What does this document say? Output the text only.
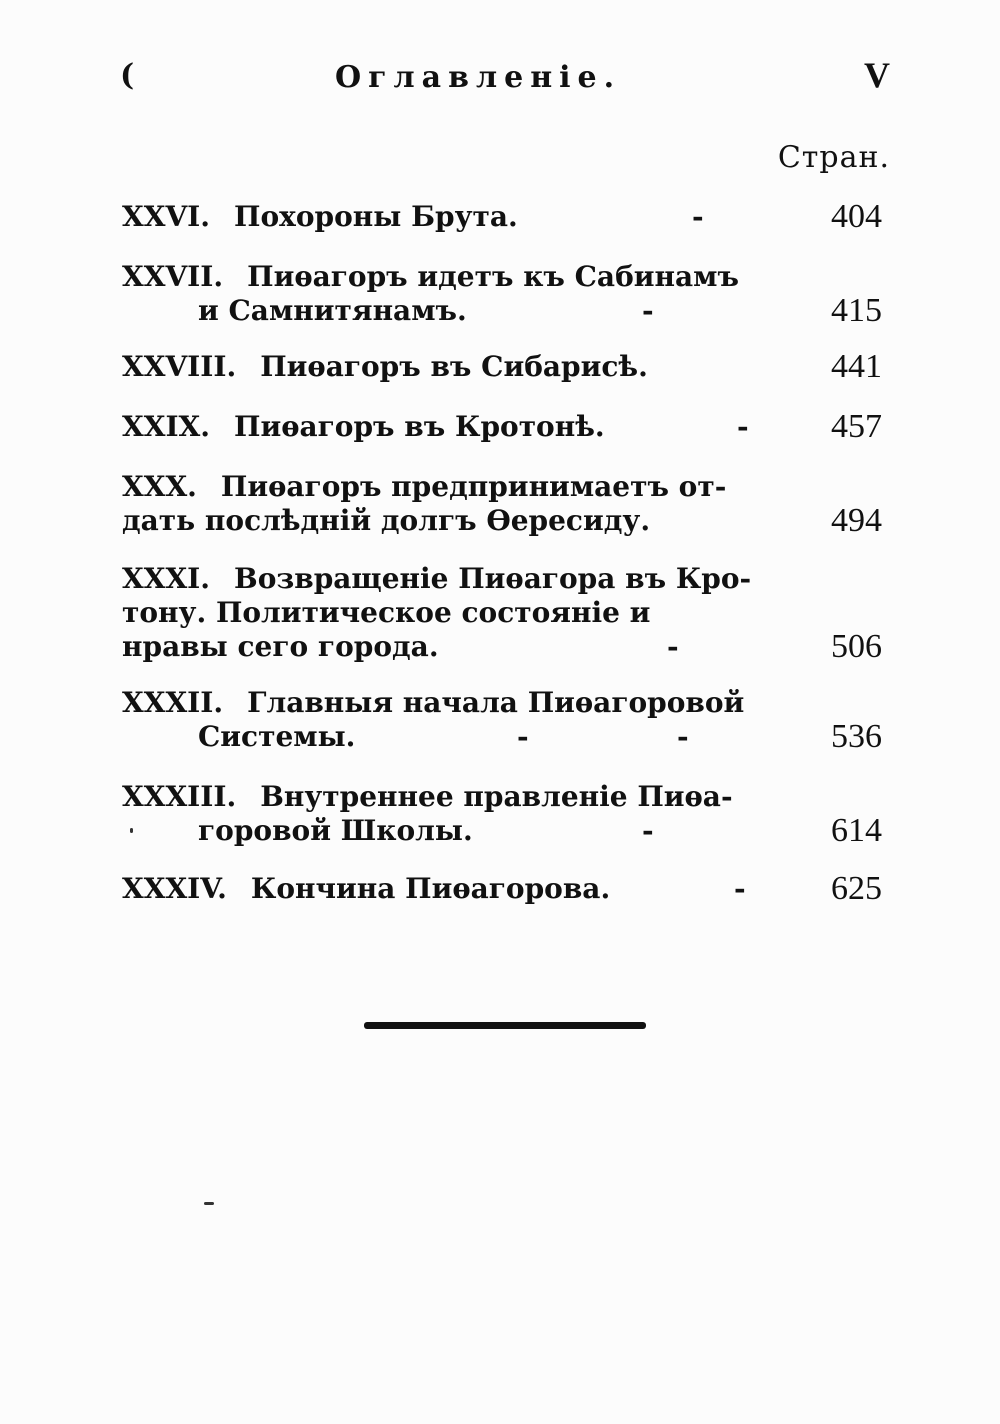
(	Оглавленіе.	V
Стран.
XXVI. Похороны Брута.	-	404
XXVII. Пиѳагоръ идетъ къ Сабинамъ
и Самнитянамъ.	-	415
XXVIII. Пиѳагоръ въ Сибарисѣ.	441
XXIX. Пиѳагоръ въ Кротонѣ.	- 457
XXX. Пиѳагоръ предпринимаетъ от-
дать послѣдній долгъ Ѳересиду.	494
XXXI. Возвращеніе Пиѳагора въ Кро-
тону. Политическое состояніе и
нравы сего города.	-	506
XXXII. Главныя начала Пиѳагоровой
Системы.	-	-	536
XXXIII. Внутреннее правленіе Пиѳа-
горовой Школы.	-	614
XXXIV. Кончина Пиѳагорова.	-	625
